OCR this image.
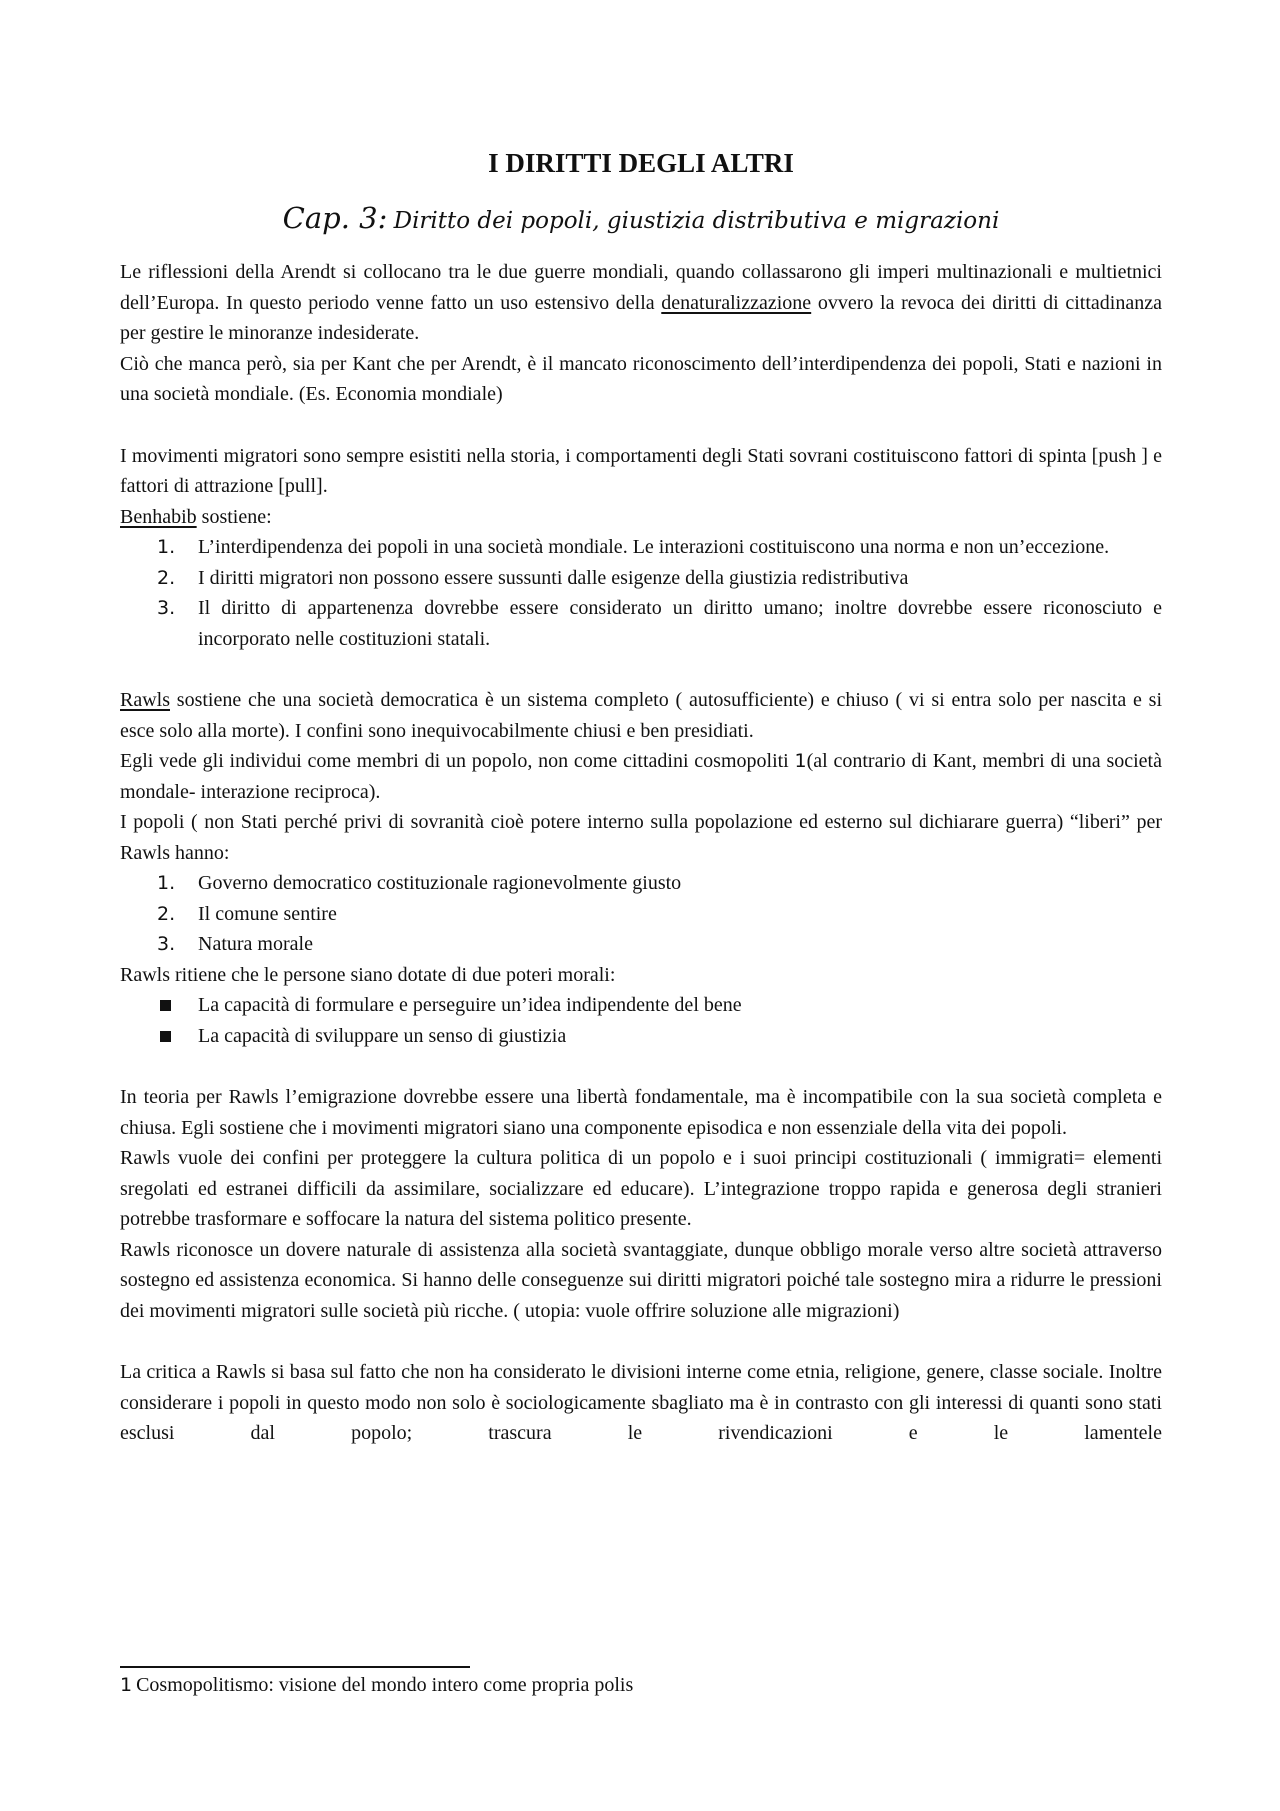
I DIRITTI DEGLI ALTRI
Cap. 3: Diritto dei popoli, giustizia distributiva e migrazioni

Le riflessioni della Arendt si collocano tra le due guerre mondiali, quando collassarono gli imperi multinazionali e multietnici dell’Europa. In questo periodo venne fatto un uso estensivo della denaturalizzazione ovvero la revoca dei diritti di cittadinanza per gestire le minoranze indesiderate.

Ciò che manca però, sia per Kant che per Arendt, è il mancato riconoscimento dell’interdipendenza dei popoli, Stati e nazioni in una società mondiale. (Es. Economia mondiale)

I movimenti migratori sono sempre esistiti nella storia, i comportamenti degli Stati sovrani costituiscono fattori di spinta [push ] e fattori di attrazione [pull].

Benhabib sostiene:

1. L’interdipendenza dei popoli in una società mondiale. Le interazioni costituiscono una norma e non un’eccezione.
2. I diritti migratori non possono essere sussunti dalle esigenze della giustizia redistributiva
3. Il diritto di appartenenza dovrebbe essere considerato un diritto umano; inoltre dovrebbe essere riconosciuto e incorporato nelle costituzioni statali.

Rawls sostiene che una società democratica è un sistema completo ( autosufficiente) e chiuso ( vi si entra solo per nascita e si esce solo alla morte). I confini sono inequivocabilmente chiusi e ben presidiati.

Egli vede gli individui come membri di un popolo, non come cittadini cosmopoliti 1(al contrario di Kant, membri di una società mondale- interazione reciproca).

I popoli ( non Stati perché privi di sovranità cioè potere interno sulla popolazione ed esterno sul dichiarare guerra) “liberi” per Rawls hanno:

1. Governo democratico costituzionale ragionevolmente giusto
2. Il comune sentire
3. Natura morale

Rawls ritiene che le persone siano dotate di due poteri morali:

La capacità di formulare e perseguire un’idea indipendente del bene
La capacità di sviluppare un senso di giustizia

In teoria per Rawls l’emigrazione dovrebbe essere una libertà fondamentale, ma è incompatibile con la sua società completa e chiusa. Egli sostiene che i movimenti migratori siano una componente episodica e non essenziale della vita dei popoli.

Rawls vuole dei confini per proteggere la cultura politica di un popolo e i suoi principi costituzionali ( immigrati= elementi sregolati ed estranei difficili da assimilare, socializzare ed educare). L’integrazione troppo rapida e generosa degli stranieri potrebbe trasformare e soffocare la natura del sistema politico presente.

Rawls riconosce un dovere naturale di assistenza alla società svantaggiate, dunque obbligo morale verso altre società attraverso sostegno ed assistenza economica. Si hanno delle conseguenze sui diritti migratori poiché tale sostegno mira a ridurre le pressioni dei movimenti migratori sulle società più ricche. ( utopia: vuole offrire soluzione alle migrazioni)

La critica a Rawls si basa sul fatto che non ha considerato le divisioni interne come etnia, religione, genere, classe sociale. Inoltre considerare i popoli in questo modo non solo è sociologicamente sbagliato ma è in contrasto con gli interessi di quanti sono stati esclusi dal popolo; trascura le rivendicazioni e le lamentele

1 Cosmopolitismo: visione del mondo intero come propria polis
